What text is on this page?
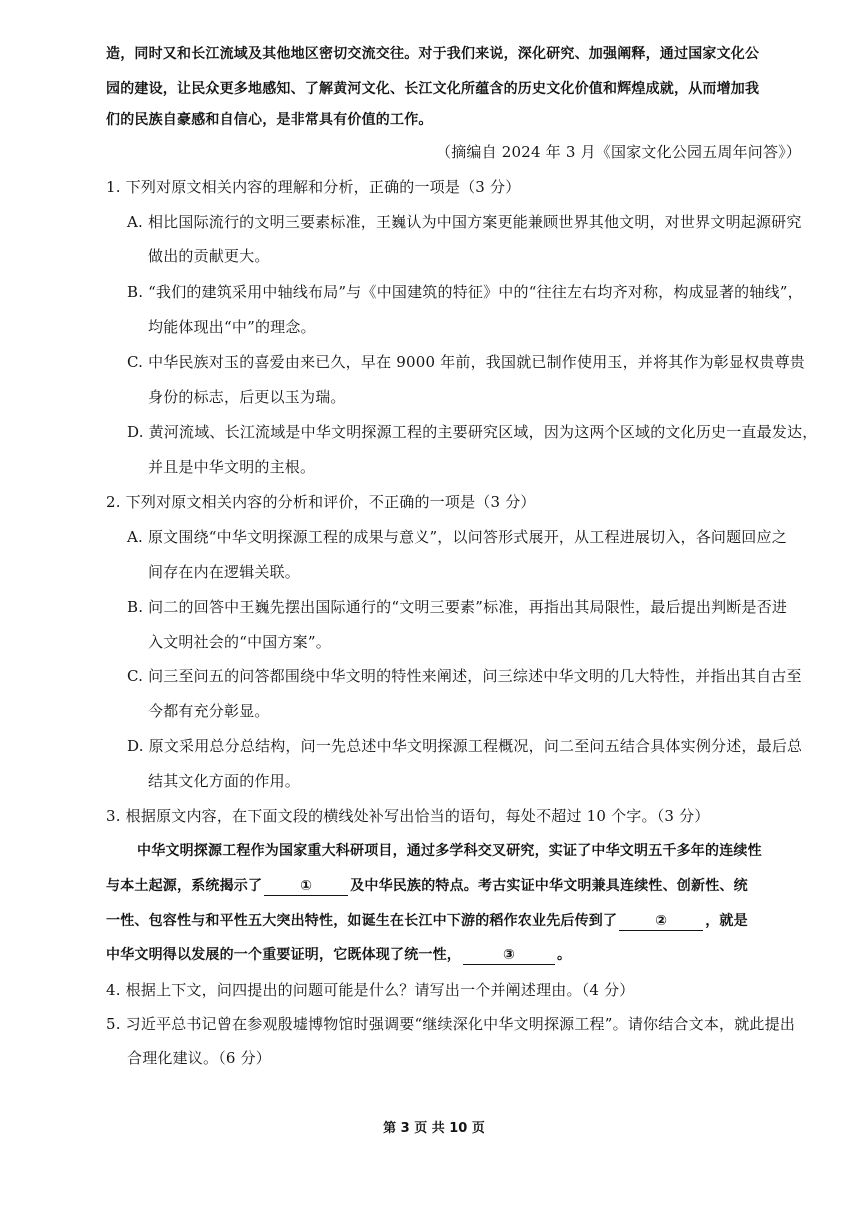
造，同时又和长江流域及其他地区密切交流交往。对于我们来说，深化研究、加强阐释，通过国家文化公
园的建设，让民众更多地感知、了解黄河文化、长江文化所蕴含的历史文化价值和辉煌成就，从而增加我
们的民族自豪感和自信心，是非常具有价值的工作。
（摘编自 2024 年 3 月《国家文化公园五周年问答》）
1. 下列对原文相关内容的理解和分析，正确的一项是（3 分）
A. 相比国际流行的文明三要素标准，王巍认为中国方案更能兼顾世界其他文明，对世界文明起源研究
做出的贡献更大。
B. “我们的建筑采用中轴线布局”与《中国建筑的特征》中的“往往左右均齐对称，构成显著的轴线”，
均能体现出“中”的理念。
C. 中华民族对玉的喜爱由来已久，早在 9000 年前，我国就已制作使用玉，并将其作为彰显权贵尊贵
身份的标志，后更以玉为瑞。
D. 黄河流域、长江流域是中华文明探源工程的主要研究区域，因为这两个区域的文化历史一直最发达，
并且是中华文明的主根。
2. 下列对原文相关内容的分析和评价，不正确的一项是（3 分）
A. 原文围绕“中华文明探源工程的成果与意义”，以问答形式展开，从工程进展切入，各问题回应之
间存在内在逻辑关联。
B. 问二的回答中王巍先摆出国际通行的“文明三要素”标准，再指出其局限性，最后提出判断是否进
入文明社会的“中国方案”。
C. 问三至问五的问答都围绕中华文明的特性来阐述，问三综述中华文明的几大特性，并指出其自古至
今都有充分彰显。
D. 原文采用总分总结构，问一先总述中华文明探源工程概况，问二至问五结合具体实例分述，最后总
结其文化方面的作用。
3. 根据原文内容，在下面文段的横线处补写出恰当的语句，每处不超过 10 个字。（3 分）
中华文明探源工程作为国家重大科研项目，通过多学科交叉研究，实证了中华文明五千多年的连续性
与本土起源，系统揭示了	①	及中华民族的特点。考古实证中华文明兼具连续性、创新性、统
一性、包容性与和平性五大突出特性，如诞生在长江中下游的稻作农业先后传到了	②	，就是
中华文明得以发展的一个重要证明，它既体现了统一性，	③	。
4. 根据上下文，问四提出的问题可能是什么？请写出一个并阐述理由。（4 分）
5. 习近平总书记曾在参观殷墟博物馆时强调要“继续深化中华文明探源工程”。请你结合文本，就此提出
合理化建议。（6 分）
第 3 页 共 10 页
